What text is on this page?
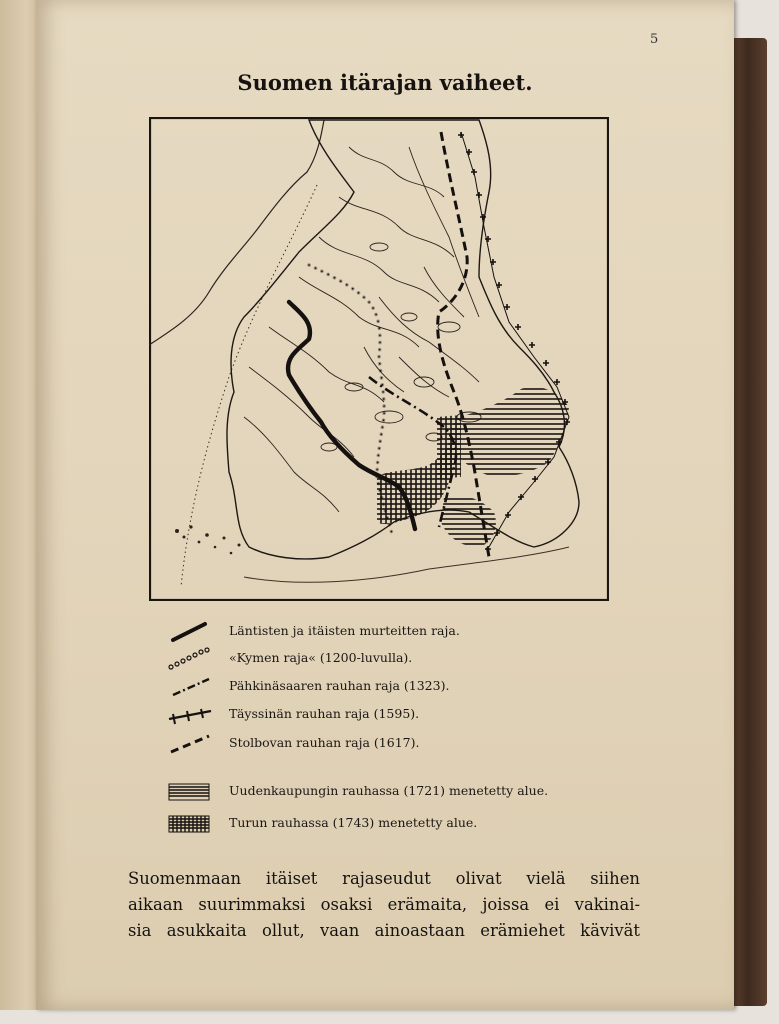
5
Suomen itärajan vaiheet.
Läntisten ja itäisten murteitten raja.
«Kymen raja« (1200-luvulla).
Pähkinäsaaren rauhan raja (1323).
Täyssinän rauhan raja (1595).
Stolbovan rauhan raja (1617).
Uudenkaupungin rauhassa (1721) menetetty alue.
Turun rauhassa (1743) menetetty alue.
Suomenmaan itäiset rajaseudut olivat vielä siihen
aikaan suurimmaksi osaksi erämaita, joissa ei vakinai-
sia asukkaita ollut, vaan ainoastaan erämiehet kävivät
